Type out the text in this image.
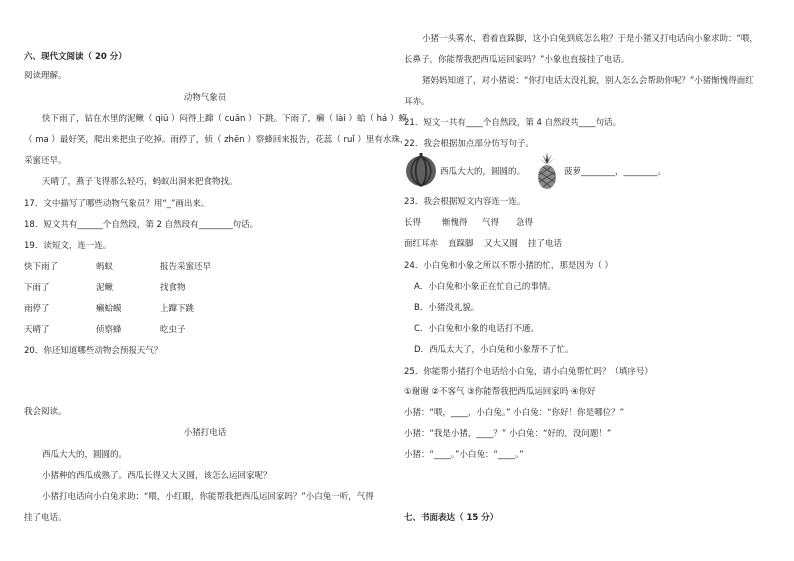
六、现代文阅读（ 20 分）
阅读理解。
动物气象员
快下雨了，钻在水里的泥鳅（ qiū ）闷得上蹿（ cuān ）下跳。下雨了，癞（ lài ）蛤（ há ）蟆
（ ma ）最好笑，爬出来把虫子吃掉。雨停了，侦（ zhēn ）察蜂回来报告，花蕊（ ruǐ ）里有水珠，
采蜜还早。
天晴了，燕子飞得那么轻巧，蚂蚁出洞来把食物找。
17．文中描写了哪些动物气象员？用“_”画出来。
18．短文共有______个自然段，第 2 自然段有________句话。
19．读短文，连一连。
快下雨了	蚂蚁	报告采蜜还早
下雨了	泥鳅	找食物
雨停了	癞蛤蟆	上蹿下跳
天晴了	侦察蜂	吃虫子
20．你还知道哪些动物会预报天气？
我会阅读。
小猪打电话
西瓜大大的，圆圆的。
小猪种的西瓜成熟了。西瓜长得又大又圆，该怎么运回家呢？
小猪打电话向小白兔求助：“喂，小红眼，你能帮我把西瓜运回家吗？”小白兔一听，气得
挂了电话。
小猪一头雾水，看着直跺脚，这小白兔到底怎么啦？于是小猪又打电话向小象求助：“喂，
长鼻子，你能帮我把西瓜运回家吗？”小象也直接挂了电话。
猪妈妈知道了，对小猪说：“你打电话太没礼貌，别人怎么会帮助你呢？”小猪惭愧得面红
耳赤。
21．短文一共有____个自然段，第 4 自然段共____句话。
22．我会根据加点部分仿写句子。
西瓜大大的，圆圆的。	菠萝________，________。
23．我会根据短文内容连一连。
长得 惭愧得 气得 急得
面红耳赤 直跺脚 又大又圆 挂了电话
24．小白兔和小象之所以不帮小猪的忙，那是因为（ ）
A．小白兔和小象正在忙自己的事情。
B．小猪没礼貌。
C．小白兔和小象的电话打不通。
D．西瓜太大了，小白兔和小象帮不了忙。
25．你能帮小猪打个电话给小白兔，请小白兔帮忙吗？（填序号）
①谢谢 ②不客气 ③你能帮我把西瓜运回家吗 ④你好
小猪：“喂，____，小白兔。” 小白兔：“你好！你是哪位？”
小猪：“我是小猪，____？” 小白兔：“好的，没问题！”
小猪：“____。”小白兔：“____。”
七、书面表达（ 15 分）
